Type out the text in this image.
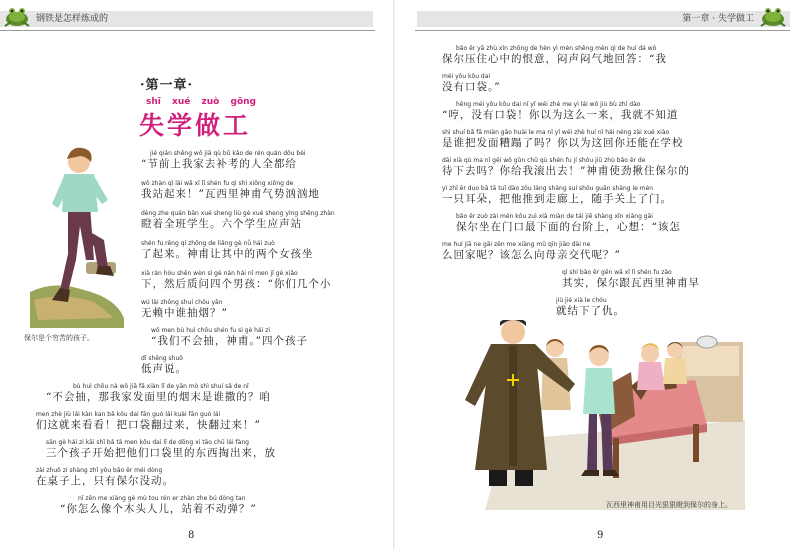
钢铁是怎样炼成的
·第一章·
shī xué zuò gōng
失学做工
保尔是个穷苦的孩子。
jié qián shēng wǒ jiā qù bǔ kǎo de rén quán dōu bèi
“节前上我家去补考的人全都给
wǒ zhàn qǐ lái wǎ xī lǐ shén fu qì shì xiōng xiōng de
我站起来！”瓦西里神甫气势汹汹地
dèng zhe quán bān xué sheng liù gè xué sheng yìng shēng zhàn
瞪着全班学生。六个学生应声站
shén fu rěng qí zhōng de liǎng gè nǚ hái zuò
了起来。神甫让其中的两个女孩坐
xià rán hòu shěn wèn sì gè nán hái nǐ men jǐ gè xiǎo
下，然后质问四个男孩：“你们几个小
wú lài zhōng shuí chōu yān
无赖中谁抽烟？”
wǒ men bù huì chōu shén fu sì gè hái zi
“我们不会抽，神甫。”四个孩子
dī shēng shuō
低声说。
bù huì chōu nà wǒ jiā fā xiàn lǐ de yān mò shì shuí sǎ de nǐ
“不会抽，那我家发面里的烟末是谁撒的？咱
men zhè jiù lái kàn kan bǎ kǒu dai fān guò lái kuài fān guò lái
们这就来看看！把口袋翻过来，快翻过来！”
sān gè hái zi kāi shǐ bǎ tā men kǒu dai lǐ de dōng xi tāo chū lái fàng
三个孩子开始把他们口袋里的东西掏出来，放
zài zhuō zi shàng zhǐ yǒu bǎo ěr méi dòng
在桌子上，只有保尔没动。
nǐ zěn me xiàng gè mù tou rén er zhàn zhe bú dòng tan
“你怎么像个木头人儿，站着不动弹？”
8
第一章 · 失学做工
9
bǎo ěr yā zhù xīn zhōng de hèn yì mèn shēng mèn qì de huí dá wǒ
保尔压住心中的恨意，闷声闷气地回答：“我
méi yǒu kǒu dai
没有口袋。”
hēng méi yǒu kǒu dai nǐ yǐ wéi zhè me yì lái wǒ jiù bù zhī dào
“哼，没有口袋！你以为这么一来，我就不知道
shì shuí bǎ fā miàn gǎo huài le ma nǐ yǐ wéi zhè huí nǐ hái néng zài xué xiào
是谁把发面糟蹋了吗？你以为这回你还能在学校
dāi xià qù ma nǐ gěi wǒ gǔn chū qù shén fu jí shǒu jiū zhù bǎo ěr de
待下去吗？你给我滚出去！”神甫使劲揪住保尔的
yì zhī ěr duo bǎ tā tuī dào zǒu láng shàng suí shǒu guān shàng le mén
一只耳朵，把他推到走廊上，随手关上了门。
bǎo ěr zuò zài mén kǒu zuì xià miàn de tái jiē shàng xīn xiǎng gāi
保尔坐在门口最下面的台阶上，心想：“该怎
me huí jiā ne gāi zěn me xiàng mǔ qīn jiāo dài ne
么回家呢？该怎么向母亲交代呢？”
qí shí bǎo ěr gēn wǎ xī lǐ shén fu zǎo
其实，保尔跟瓦西里神甫早
jiù jié xià le chóu
就结下了仇。
瓦西里神甫用目光狠狠瞪到保尔的身上。
